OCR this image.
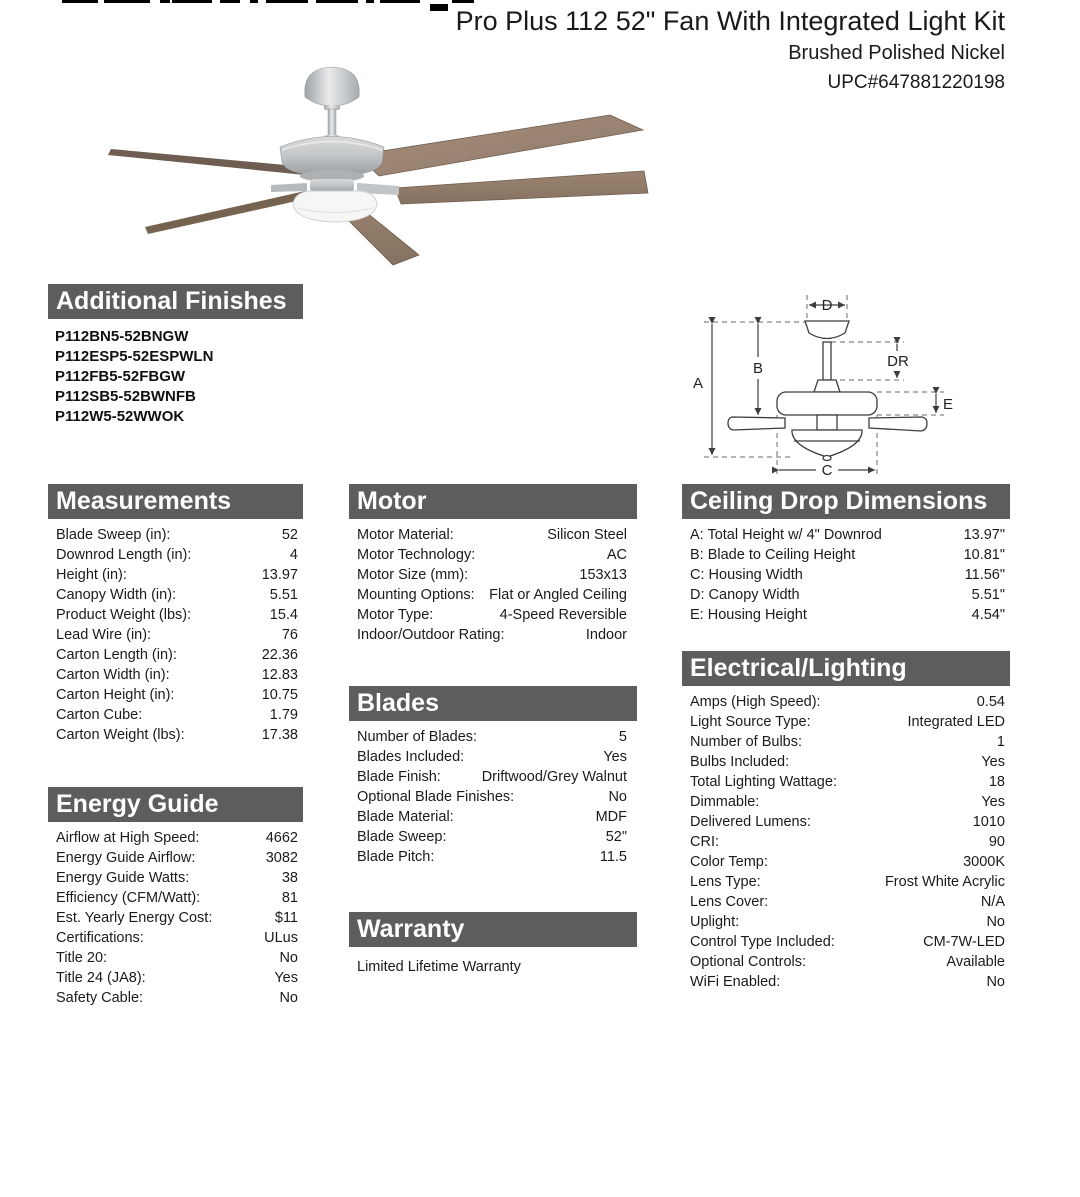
Pro Plus 112 52" Fan With Integrated Light Kit
Brushed Polished Nickel
UPC#647881220198
A
B
C
D
DR
E
Additional Finishes
P112BN5-52BNGW
P112ESP5-52ESPWLN
P112FB5-52FBGW
P112SB5-52BWNFB
P112W5-52WWOK
Measurements
Blade Sweep (in):	52
Downrod Length (in):	4
Height (in):	13.97
Canopy Width (in):	5.51
Product Weight (lbs):	15.4
Lead Wire (in):	76
Carton Length (in):	22.36
Carton Width (in):	12.83
Carton Height (in):	10.75
Carton Cube:	1.79
Carton Weight (lbs):	17.38
Energy Guide
Airflow at High Speed:	4662
Energy Guide Airflow:	3082
Energy Guide Watts:	38
Efficiency (CFM/Watt):	81
Est. Yearly Energy Cost:	$11
Certifications:	ULus
Title 20:	No
Title 24 (JA8):	Yes
Safety Cable:	No
Motor
Motor Material:	Silicon Steel
Motor Technology:	AC
Motor Size (mm):	153x13
Mounting Options: Flat or Angled Ceiling
Motor Type:	4-Speed Reversible
Indoor/Outdoor Rating:	Indoor
Blades
Number of Blades:	5
Blades Included:	Yes
Blade Finish:	Driftwood/Grey Walnut
Optional Blade Finishes:	No
Blade Material:	MDF
Blade Sweep:	52"
Blade Pitch:	11.5
Warranty
Limited Lifetime Warranty
Ceiling Drop Dimensions
A: Total Height w/ 4" Downrod	13.97"
B: Blade to Ceiling Height	10.81"
C: Housing Width	11.56"
D: Canopy Width	5.51"
E: Housing Height	4.54"
Electrical/Lighting
Amps (High Speed):	0.54
Light Source Type:	Integrated LED
Number of Bulbs:	1
Bulbs Included:	Yes
Total Lighting Wattage:	18
Dimmable:	Yes
Delivered Lumens:	1010
CRI:	90
Color Temp:	3000K
Lens Type:	Frost White Acrylic
Lens Cover:	N/A
Uplight:	No
Control Type Included:	CM-7W-LED
Optional Controls:	Available
WiFi Enabled:	No
